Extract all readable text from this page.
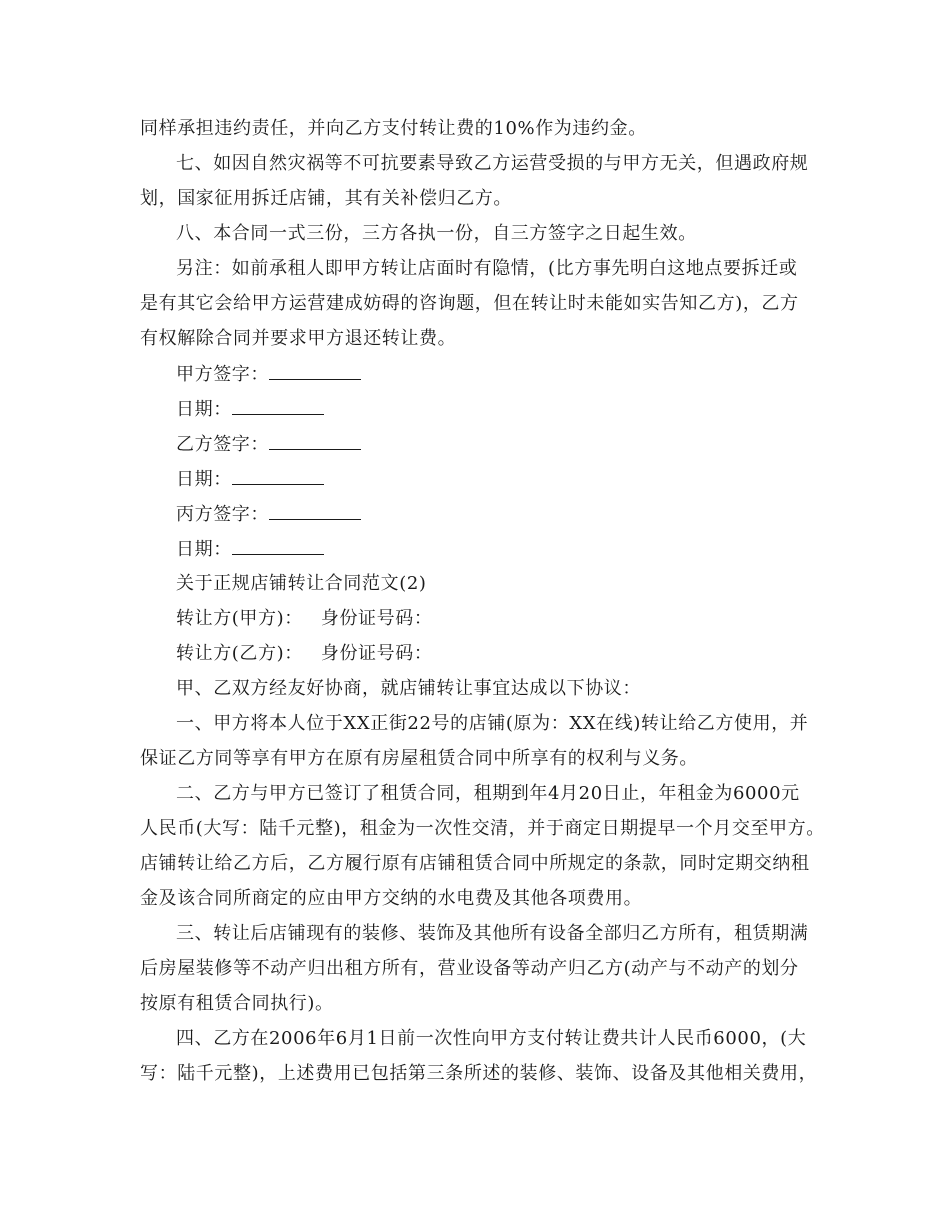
同样承担违约责任，并向乙方支付转让费的10%作为违约金。
七、如因自然灾祸等不可抗要素导致乙方运营受损的与甲方无关，但遇政府规
划，国家征用拆迁店铺，其有关补偿归乙方。
八、本合同一式三份，三方各执一份，自三方签字之日起生效。
另注：如前承租人即甲方转让店面时有隐情，(比方事先明白这地点要拆迁或
是有其它会给甲方运营建成妨碍的咨询题，但在转让时未能如实告知乙方)，乙方
有权解除合同并要求甲方退还转让费。
甲方签字：
日期：
乙方签字：
日期：
丙方签字：
日期：
关于正规店铺转让合同范文(2)
转让方(甲方)： 身份证号码：
转让方(乙方)： 身份证号码：
甲、乙双方经友好协商，就店铺转让事宜达成以下协议：
一、甲方将本人位于XX正街22号的店铺(原为：XX在线)转让给乙方使用，并
保证乙方同等享有甲方在原有房屋租赁合同中所享有的权利与义务。
二、乙方与甲方已签订了租赁合同，租期到年4月20日止，年租金为6000元
人民币(大写：陆千元整)，租金为一次性交清，并于商定日期提早一个月交至甲方。
店铺转让给乙方后，乙方履行原有店铺租赁合同中所规定的条款，同时定期交纳租
金及该合同所商定的应由甲方交纳的水电费及其他各项费用。
三、转让后店铺现有的装修、装饰及其他所有设备全部归乙方所有，租赁期满
后房屋装修等不动产归出租方所有，营业设备等动产归乙方(动产与不动产的划分
按原有租赁合同执行)。
四、乙方在2006年6月1日前一次性向甲方支付转让费共计人民币6000，(大
写：陆千元整)，上述费用已包括第三条所述的装修、装饰、设备及其他相关费用，
